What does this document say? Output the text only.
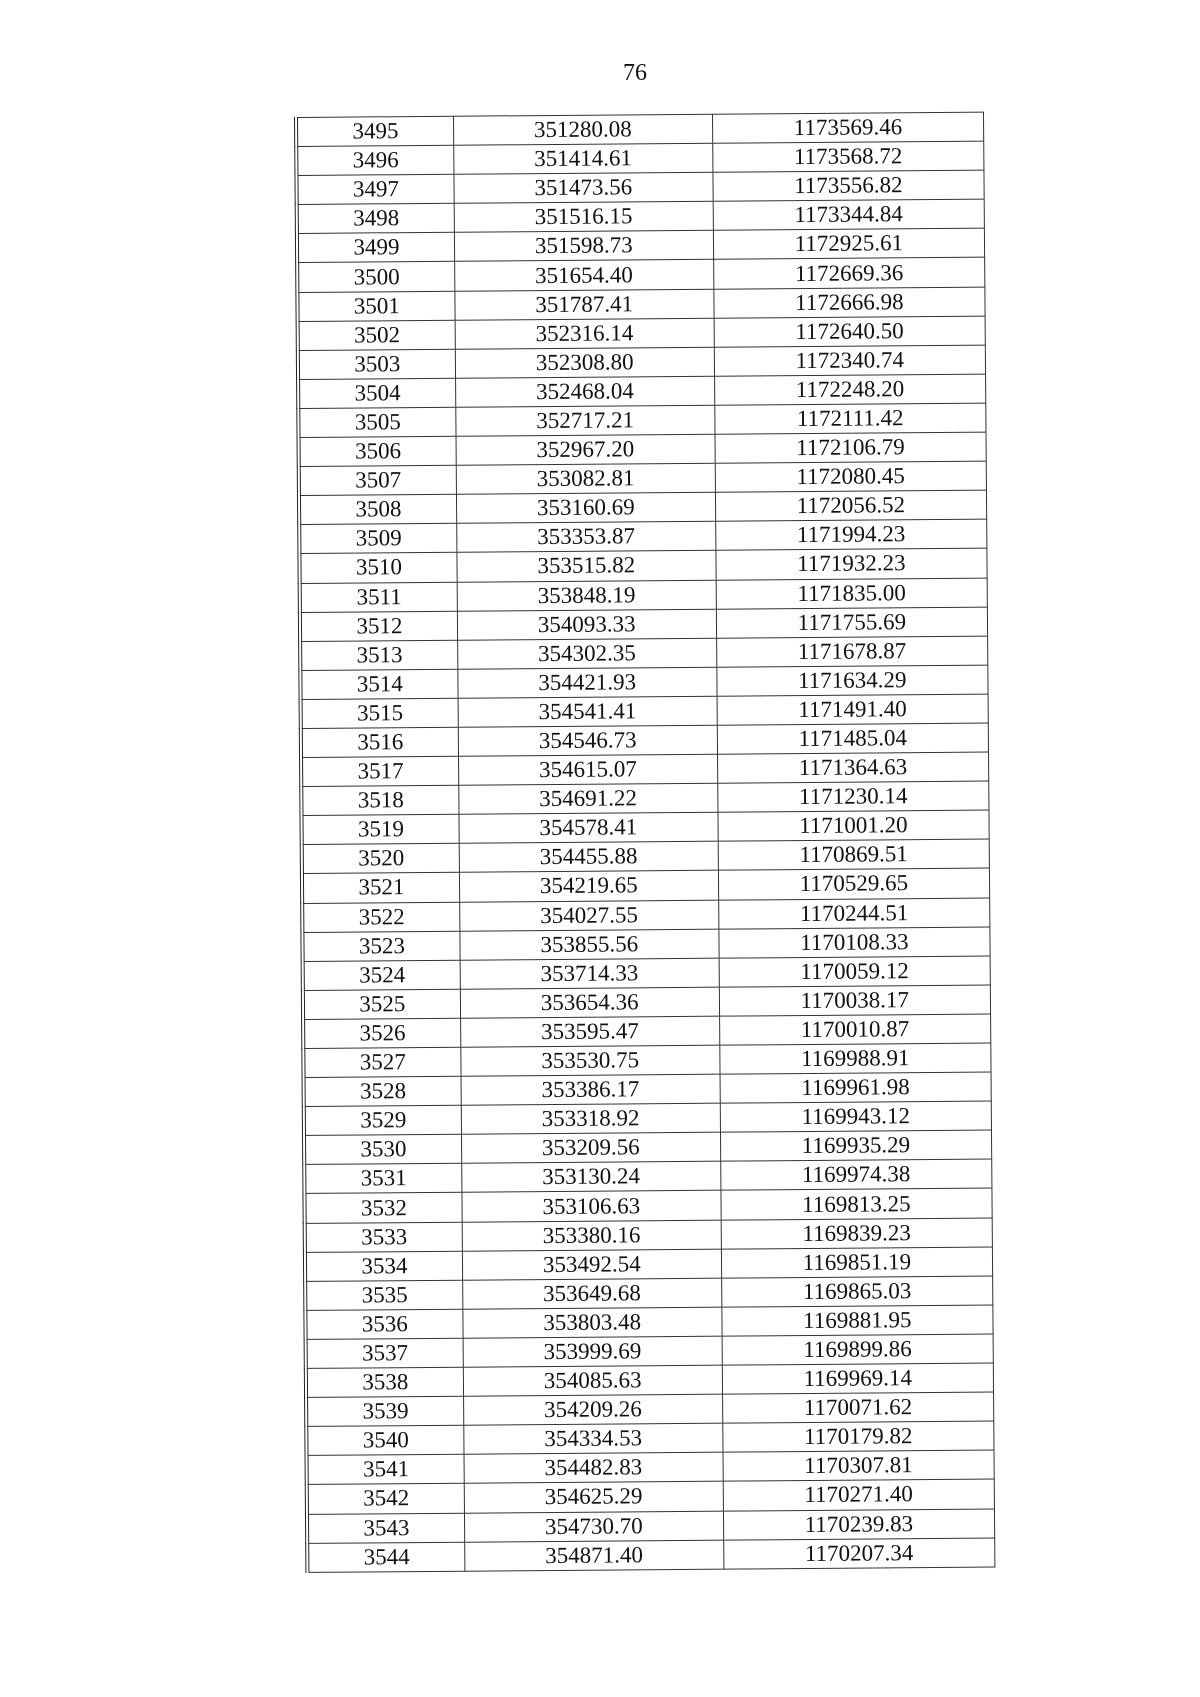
76
3495	351280.08	1173569.46
3496	351414.61	1173568.72
3497	351473.56	1173556.82
3498	351516.15	1173344.84
3499	351598.73	1172925.61
3500	351654.40	1172669.36
3501	351787.41	1172666.98
3502	352316.14	1172640.50
3503	352308.80	1172340.74
3504	352468.04	1172248.20
3505	352717.21	1172111.42
3506	352967.20	1172106.79
3507	353082.81	1172080.45
3508	353160.69	1172056.52
3509	353353.87	1171994.23
3510	353515.82	1171932.23
3511	353848.19	1171835.00
3512	354093.33	1171755.69
3513	354302.35	1171678.87
3514	354421.93	1171634.29
3515	354541.41	1171491.40
3516	354546.73	1171485.04
3517	354615.07	1171364.63
3518	354691.22	1171230.14
3519	354578.41	1171001.20
3520	354455.88	1170869.51
3521	354219.65	1170529.65
3522	354027.55	1170244.51
3523	353855.56	1170108.33
3524	353714.33	1170059.12
3525	353654.36	1170038.17
3526	353595.47	1170010.87
3527	353530.75	1169988.91
3528	353386.17	1169961.98
3529	353318.92	1169943.12
3530	353209.56	1169935.29
3531	353130.24	1169974.38
3532	353106.63	1169813.25
3533	353380.16	1169839.23
3534	353492.54	1169851.19
3535	353649.68	1169865.03
3536	353803.48	1169881.95
3537	353999.69	1169899.86
3538	354085.63	1169969.14
3539	354209.26	1170071.62
3540	354334.53	1170179.82
3541	354482.83	1170307.81
3542	354625.29	1170271.40
3543	354730.70	1170239.83
3544	354871.40	1170207.34
